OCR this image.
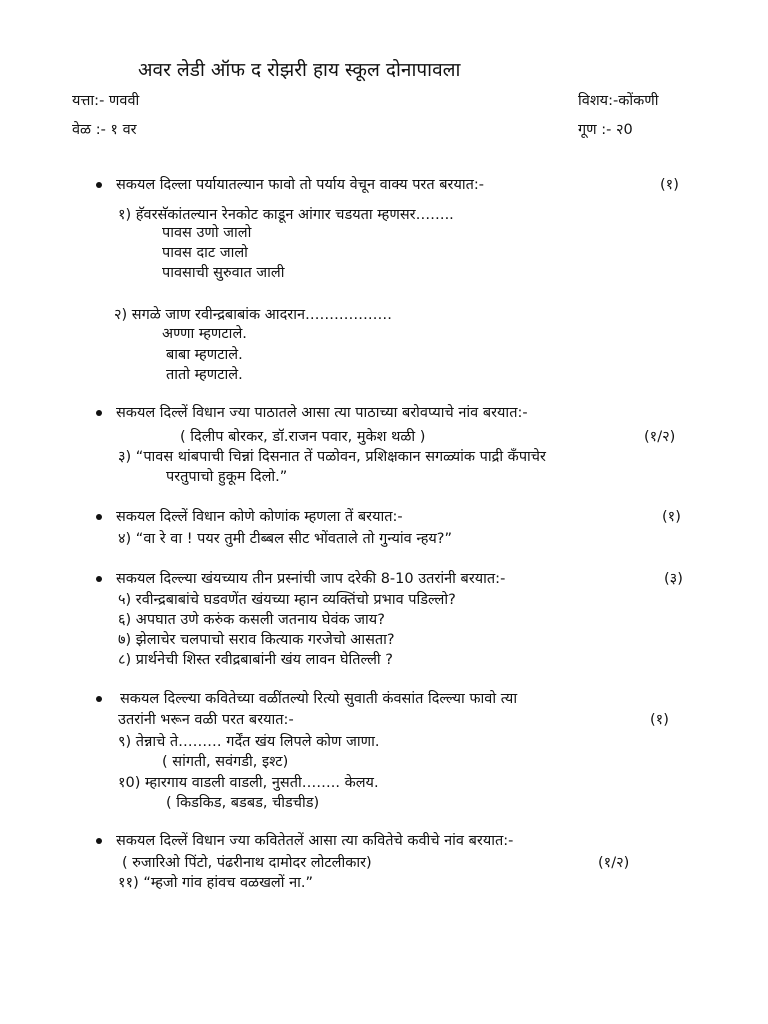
अवर लेडी ऑफ द रोझरी हाय स्कूल दोनापावला
यत्ता:- णववी	विशय:-कोंकणी
वेळ :- १ वर	गूण :- २0
सकयल दिल्ला पर्यायातल्यान फावो तो पर्याय वेचून वाक्य परत बरयात:-	(१)
१) हॅवरसॅकांतल्यान रेनकोट काडून आंगार चडयता म्हणसर……..
पावस उणो जालो
पावस दाट जालो
पावसाची सुरुवात जाली
२) सगळे जाण रवीन्द्रबाबांक आदरान………………
अण्णा म्हणटाले.
बाबा म्हणटाले.
तातो म्हणटाले.
सकयल दिल्लें विधान ज्या पाठातले आसा त्या पाठाच्या बरोवप्याचे नांव बरयात:-
( दिलीप बोरकर, डॉ.राजन पवार, मुकेश थळी )	(१/२)
३) “पावस थांबपाची चिन्नां दिसनात तें पळोवन, प्रशिक्षकान सगळ्यांक पाद्री कँपाचेर
परतुपाचो हुकूम दिलो.”
सकयल दिल्लें विधान कोणे कोणांक म्हणला तें बरयात:-	(१)
४) “वा रे वा ! पयर तुमी टीब्बल सीट भोंवताले तो गुन्यांव न्हय?”
सकयल दिल्ल्या खंयच्याय तीन प्रस्नांची जाप दरेकी 8-10 उतरांनी बरयात:-	(३)
५) रवीन्द्रबाबांचे घडवणेंत खंयच्या म्हान व्यक्तिंचो प्रभाव पडिल्लो?
६) अपघात उणे करुंक कसली जतनाय घेवंक जाय?
७) झेलाचेर चलपाचो सराव कित्याक गरजेचो आसता?
८) प्रार्थनेची शिस्त रवीद्रबाबांनी खंय लावन घेतिल्ली ?
सकयल दिल्ल्या कवितेच्या वळींतल्यो रित्यो सुवाती कंवसांत दिल्ल्या फावो त्या
उतरांनी भरून वळी परत बरयात:-	(१)
९) तेन्नाचे ते……… गर्देंत खंय लिपले कोण जाणा.
( सांगती, सवंगडी, इश्ट)
१0) म्हारगाय वाडली वाडली, नुसती…….. केलय.
( किडकिड, बडबड, चीडचीड)
सकयल दिल्लें विधान ज्या कवितेतलें आसा त्या कवितेचे कवीचे नांव बरयात:-
( रुजारिओ पिंटो, पंढरीनाथ दामोदर लोटलीकार)	(१/२)
११) “म्हजो गांव हांवच वळखलों ना.”
